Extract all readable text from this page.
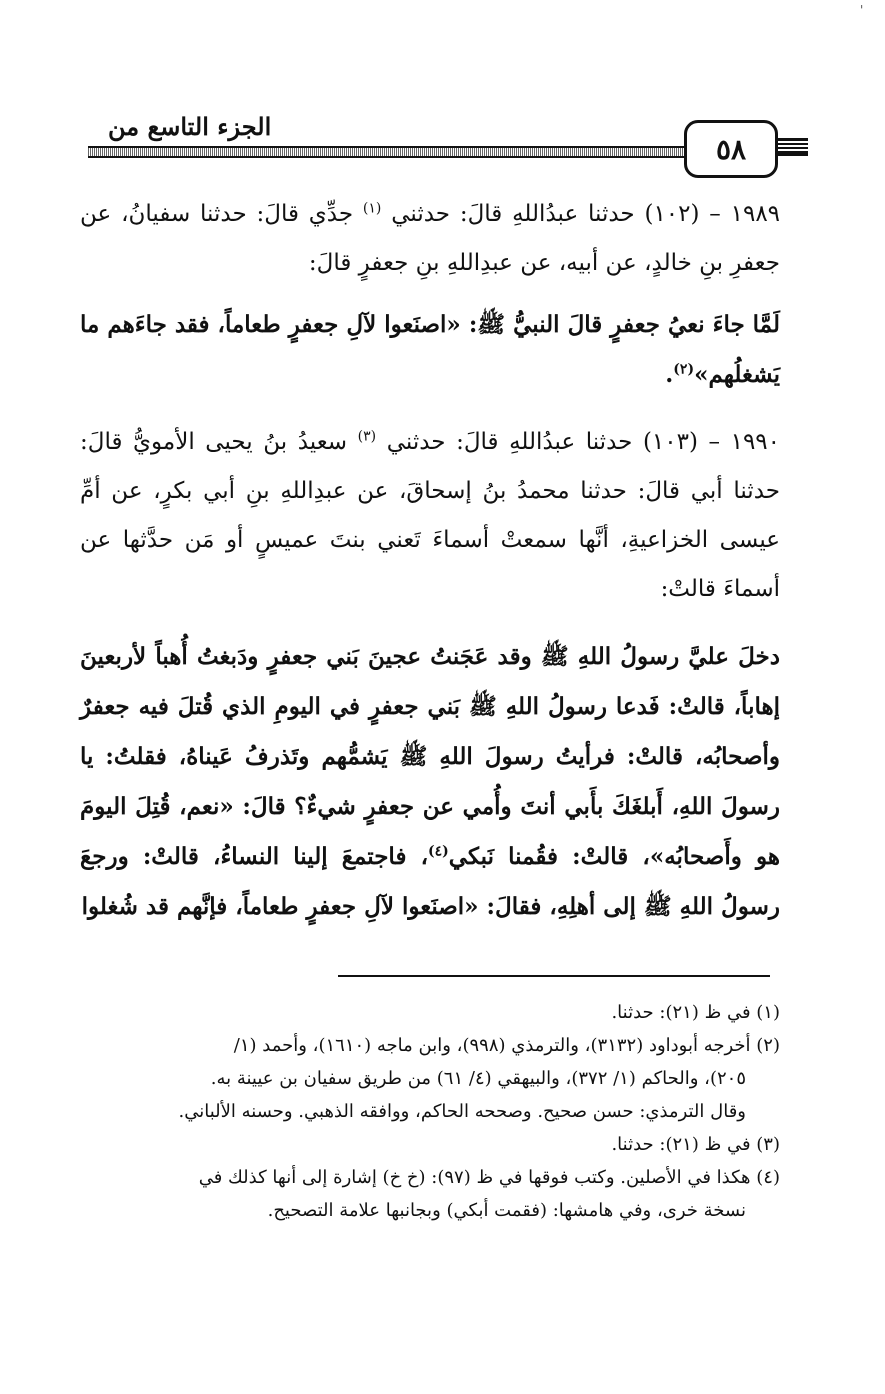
'
الجزء التاسع من
٥٨

١٩٨٩ – (١٠٢) حدثنا عبدُاللهِ قالَ: حدثني $^{(١)}$ جدِّي قالَ: حدثنا سفيانُ، عن جعفرِ بنِ خالدٍ، عن أبيه، عن عبدِاللهِ بنِ جعفرٍ قالَ:

لَمَّا جاءَ نعيُ جعفرٍ قالَ النبيُّ ﷺ: «اصنَعوا لآلِ جعفرٍ طعاماً، فقد جاءَهم ما يَشغلُهم»$^{(٢)}$.

١٩٩٠ – (١٠٣) حدثنا عبدُاللهِ قالَ: حدثني $^{(٣)}$ سعيدُ بنُ يحيى الأمويُّ قالَ: حدثنا أبي قالَ: حدثنا محمدُ بنُ إسحاقَ، عن عبدِاللهِ بنِ أبي بكرٍ، عن أمِّ عيسى الخزاعيةِ، أنَّها سمعتْ أسماءَ تَعني بنتَ عميسٍ أو مَن حدَّثها عن أسماءَ قالتْ:

دخلَ عليَّ رسولُ اللهِ ﷺ وقد عَجَنتُ عجينَ بَني جعفرٍ ودَبغتُ أُهباً لأربعينَ إهاباً، قالتْ: فَدعا رسولُ اللهِ ﷺ بَني جعفرٍ في اليومِ الذي قُتلَ فيه جعفرٌ وأصحابُه، قالتْ: فرأيتُ رسولَ اللهِ ﷺ يَشمُّهم وتَذرفُ عَيناهُ، فقلتُ: يا رسولَ اللهِ، أَبلغَكَ بأَبي أنتَ وأُمي عن جعفرٍ شيءٌ؟ قالَ: «نعم، قُتِلَ اليومَ هو وأَصحابُه»، قالتْ: فقُمنا نَبكي$^{(٤)}$، فاجتمعَ إلينا النساءُ، قالتْ: ورجعَ رسولُ اللهِ ﷺ إلى أهلِهِ، فقالَ: «اصنَعوا لآلِ جعفرٍ طعاماً، فإنَّهم قد شُغلوا

(١) في ظ (٢١): حدثنا.

(٢) أخرجه أبوداود (٣١٣٢)، والترمذي (٩٩٨)، وابن ماجه (١٦١٠)، وأحمد (١/

٢٠٥)، والحاكم (١/ ٣٧٢)، والبيهقي (٤/ ٦١) من طريق سفيان بن عيينة به.

وقال الترمذي: حسن صحيح. وصححه الحاكم، ووافقه الذهبي. وحسنه الألباني.

(٣) في ظ (٢١): حدثنا.

(٤) هكذا في الأصلين. وكتب فوقها في ظ (٩٧): (خ خ) إشارة إلى أنها كذلك في

نسخة خرى، وفي هامشها: (فقمت أبكي) وبجانبها علامة التصحيح.
